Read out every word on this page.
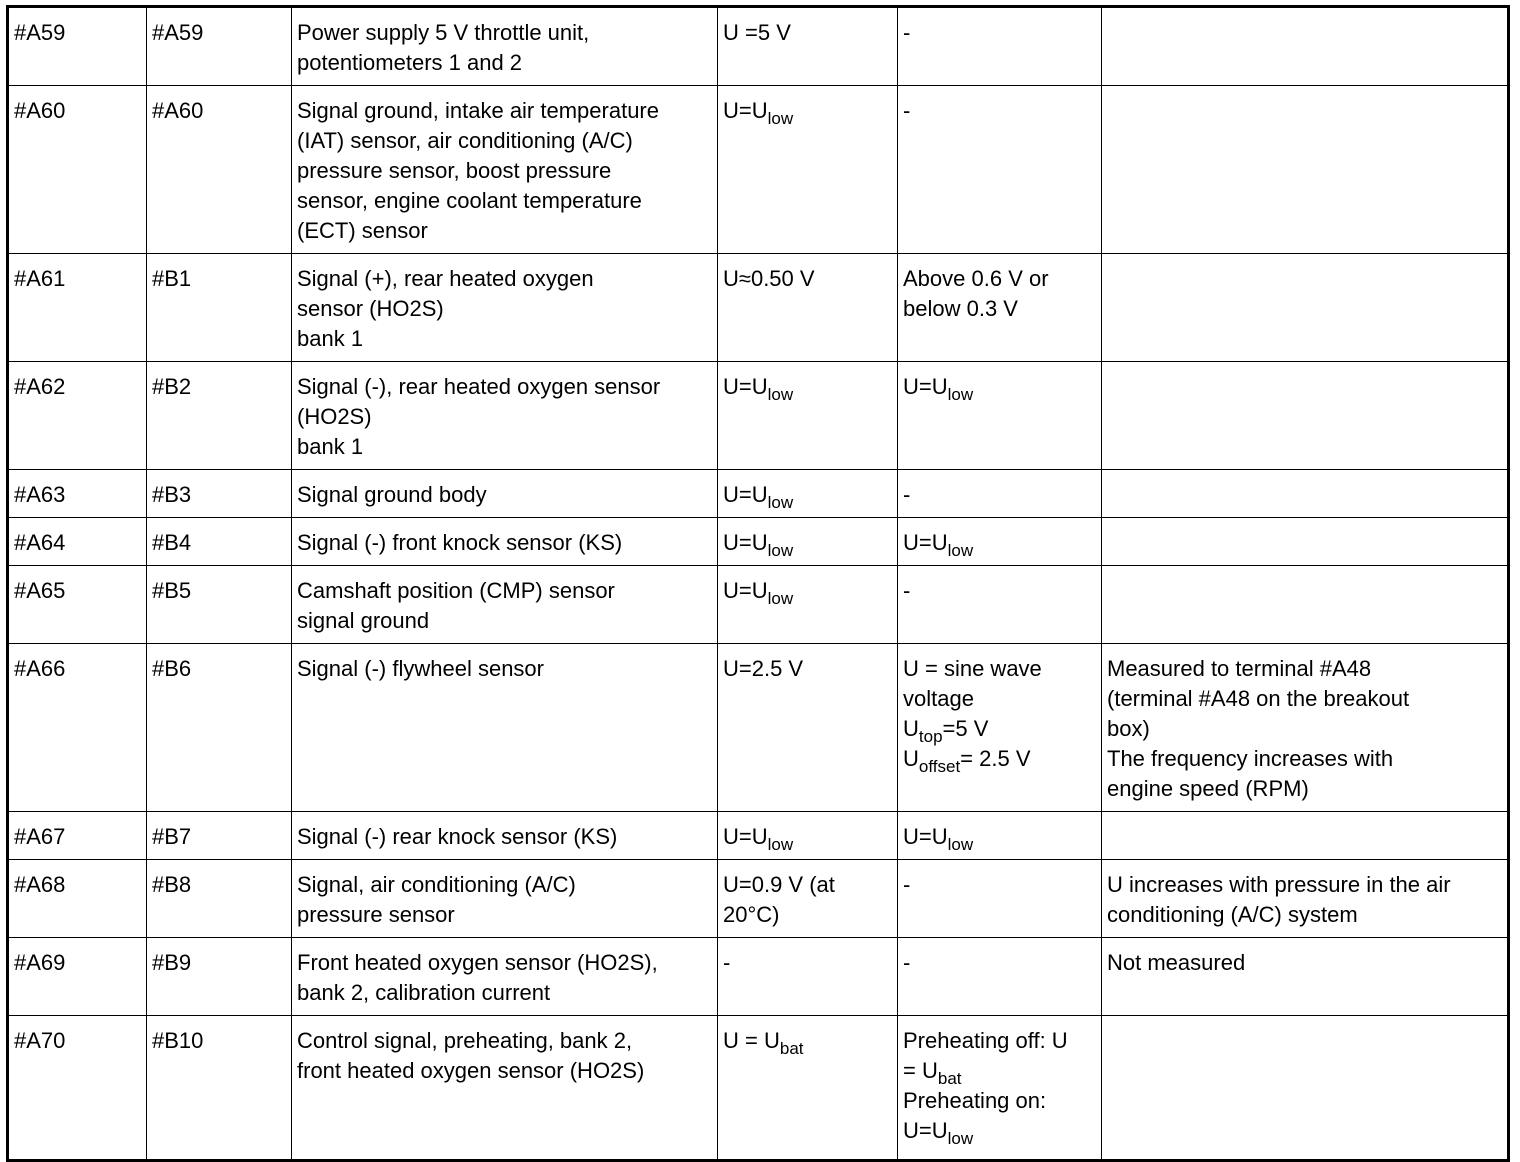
#A59	#A59	Power supply 5 V throttle unit,
potentiometers 1 and 2	U =5 V	-	

#A60	#A60	Signal ground, intake air temperature
(IAT) sensor, air conditioning (A/C)
pressure sensor, boost pressure
sensor, engine coolant temperature
(ECT) sensor	$U=U_{low}$	-	

#A61	#B1	Signal (+), rear heated oxygen
sensor (HO2S)
bank 1	U≈0.50 V	Above 0.6 V or
below 0.3 V	

#A62	#B2	Signal (-), rear heated oxygen sensor
(HO2S)
bank 1	$U=U_{low}$	$U=U_{low}$

#A63	#B3	Signal ground body	$U=U_{low}$	-	

#A64	#B4	Signal (-) front knock sensor (KS)	$U=U_{low}$	$U=U_{low}$

#A65	#B5	Camshaft position (CMP) sensor
signal ground	$U=U_{low}$	-	

#A66	#B6	Signal (-) flywheel sensor	U=2.5 V	U = sine wave
voltage
$U_{top}=5$ V
$U_{offset}= 2.5$ V	Measured to terminal #A48
(terminal #A48 on the breakout
box)
The frequency increases with
engine speed (RPM)

#A67	#B7	Signal (-) rear knock sensor (KS)	$U=U_{low}$	$U=U_{low}$

#A68	#B8	Signal, air conditioning (A/C)
pressure sensor	U=0.9 V (at
20°C)	-	U increases with pressure in the air
conditioning (A/C) system

#A69	#B9	Front heated oxygen sensor (HO2S),
bank 2, calibration current	-	-	Not measured

#A70	#B10	Control signal, preheating, bank 2,
front heated oxygen sensor (HO2S)	$U = U_{bat}$	Preheating off: U
= $U_{bat}$
Preheating on:
$U=U_{low}$
